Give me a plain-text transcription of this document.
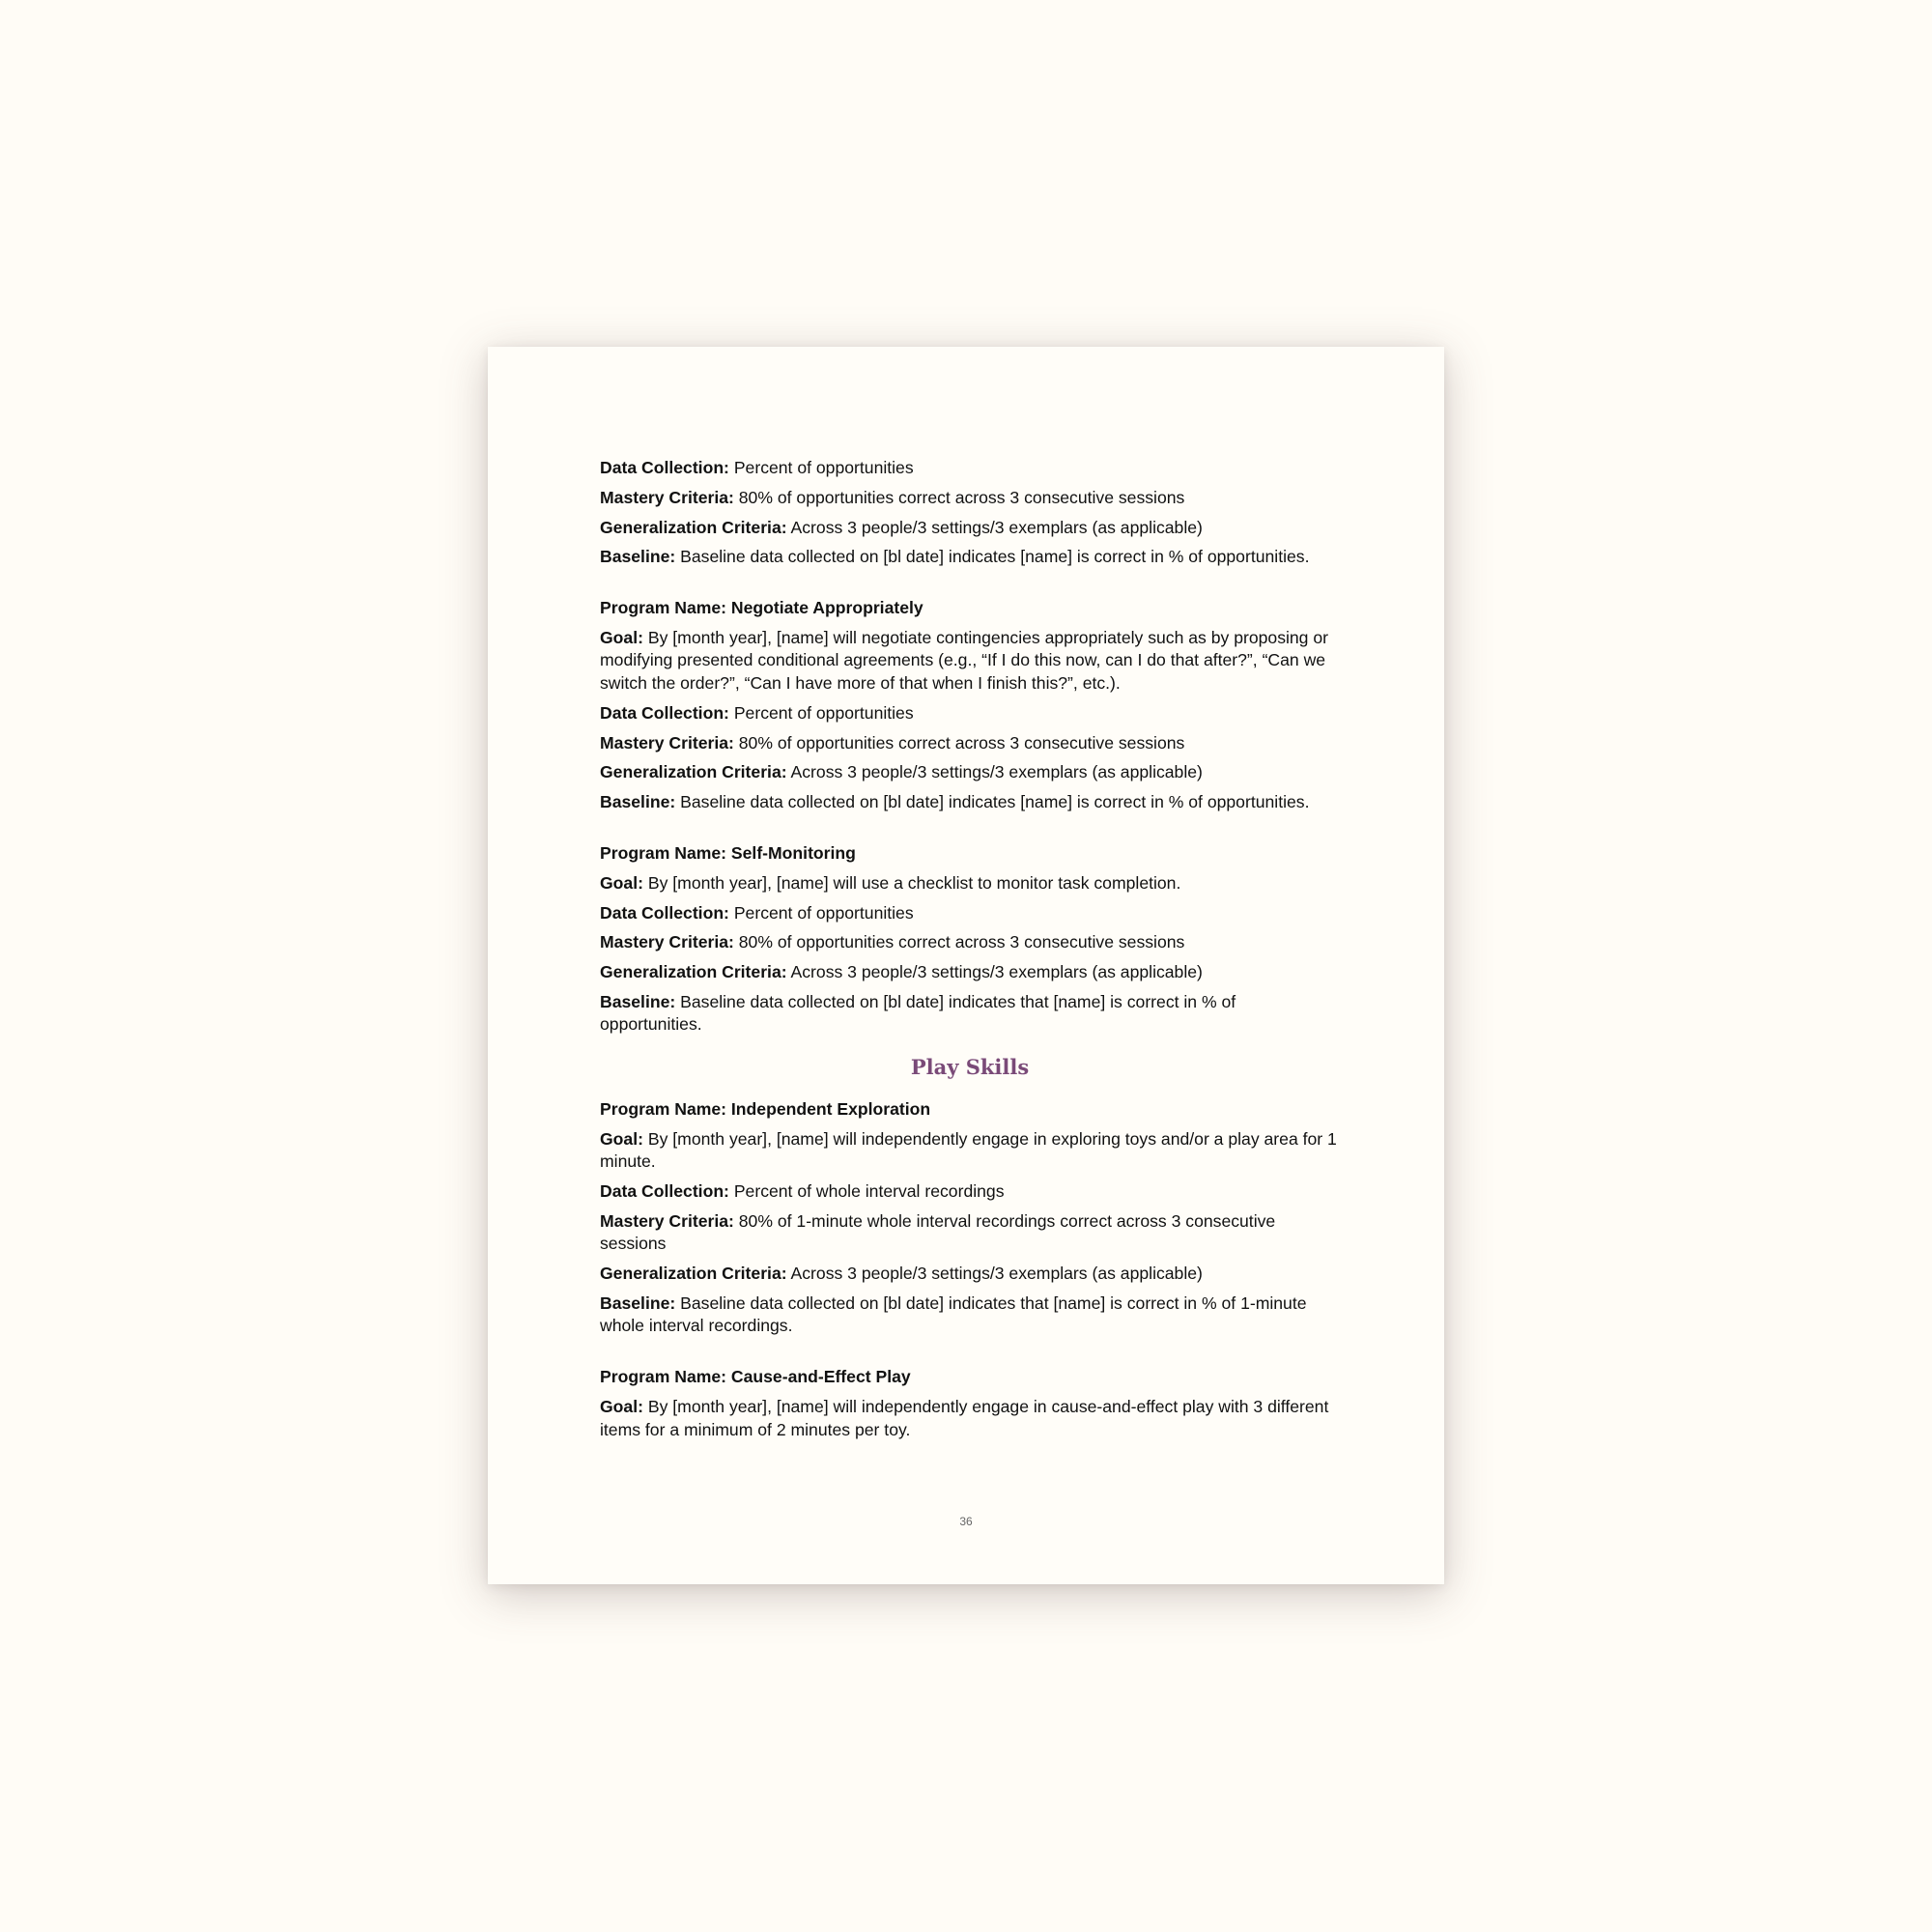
Data Collection: Percent of opportunities

Mastery Criteria: 80% of opportunities correct across 3 consecutive sessions

Generalization Criteria: Across 3 people/3 settings/3 exemplars (as applicable)

Baseline: Baseline data collected on [bl date] indicates [name] is correct in % of opportunities.

Program Name: Negotiate Appropriately

Goal: By [month year], [name] will negotiate contingencies appropriately such as by proposing or modifying presented conditional agreements (e.g., “If I do this now, can I do that after?”, “Can we switch the order?”, “Can I have more of that when I finish this?”, etc.).

Data Collection: Percent of opportunities

Mastery Criteria: 80% of opportunities correct across 3 consecutive sessions

Generalization Criteria: Across 3 people/3 settings/3 exemplars (as applicable)

Baseline: Baseline data collected on [bl date] indicates [name] is correct in % of opportunities.

Program Name: Self-Monitoring

Goal: By [month year], [name] will use a checklist to monitor task completion.

Data Collection: Percent of opportunities

Mastery Criteria: 80% of opportunities correct across 3 consecutive sessions

Generalization Criteria: Across 3 people/3 settings/3 exemplars (as applicable)

Baseline: Baseline data collected on [bl date] indicates that [name] is correct in % of opportunities.

Play Skills

Program Name: Independent Exploration

Goal: By [month year], [name] will independently engage in exploring toys and/or a play area for 1 minute.

Data Collection: Percent of whole interval recordings

Mastery Criteria: 80% of 1-minute whole interval recordings correct across 3 consecutive sessions

Generalization Criteria: Across 3 people/3 settings/3 exemplars (as applicable)

Baseline: Baseline data collected on [bl date] indicates that [name] is correct in % of 1-minute whole interval recordings.

Program Name: Cause-and-Effect Play

Goal: By [month year], [name] will independently engage in cause-and-effect play with 3 different items for a minimum of 2 minutes per toy.

36
